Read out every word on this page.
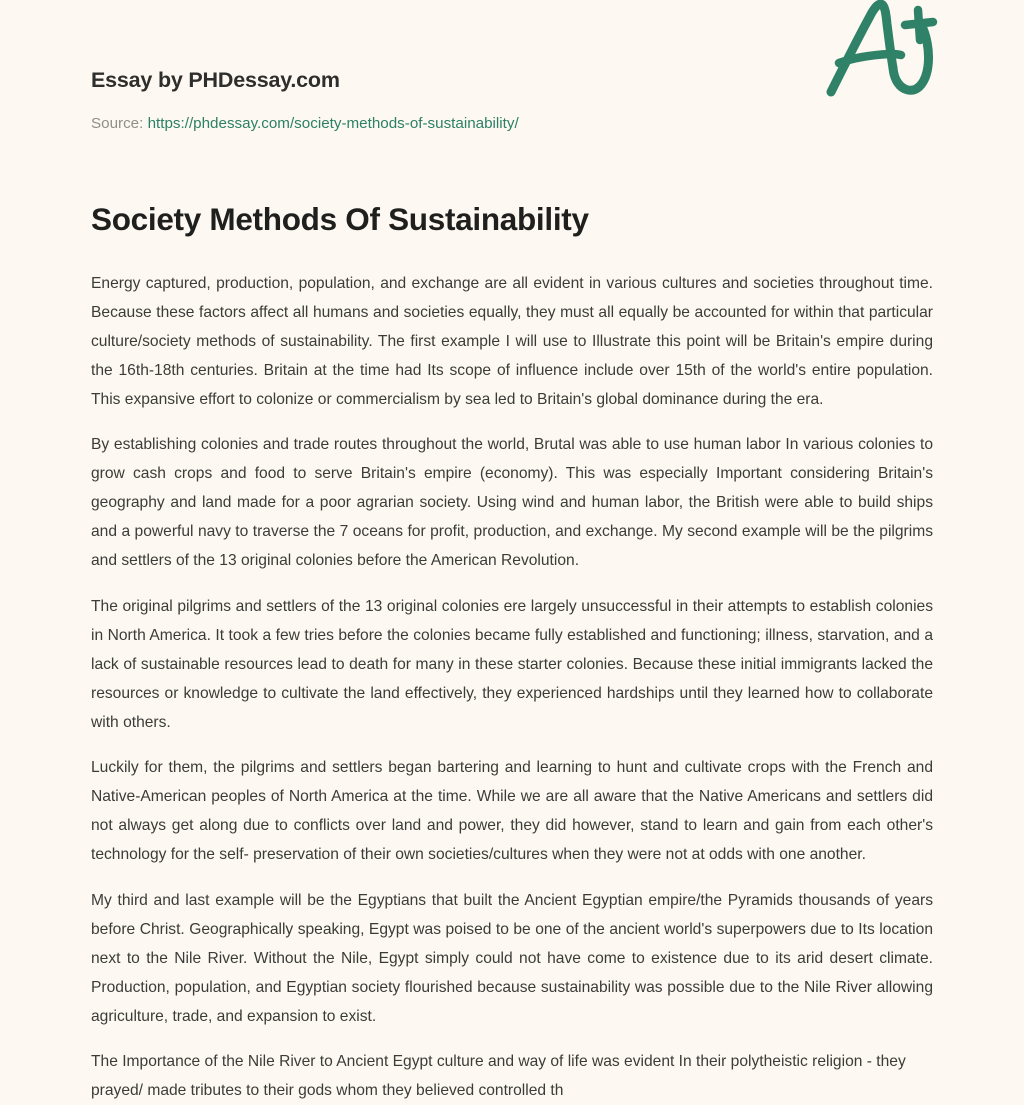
Essay by PHDessay.com
Source: https://phdessay.com/society-methods-of-sustainability/
Society Methods Of Sustainability

Energy captured, production, population, and exchange are all evident in various cultures and societies throughout time. Because these factors affect all humans and societies equally, they must all equally be accounted for within that particular culture/society methods of sustainability. The first example I will use to Illustrate this point will be Britain's empire during the 16th-18th centuries. Britain at the time had Its scope of influence include over 15th of the world's entire population. This expansive effort to colonize or commercialism by sea led to Britain's global dominance during the era.

By establishing colonies and trade routes throughout the world, Brutal was able to use human labor In various colonies to grow cash crops and food to serve Britain's empire (economy). This was especially Important considering Britain's geography and land made for a poor agrarian society. Using wind and human labor, the British were able to build ships and a powerful navy to traverse the 7 oceans for profit, production, and exchange. My second example will be the pilgrims and settlers of the 13 original colonies before the American Revolution.

The original pilgrims and settlers of the 13 original colonies ere largely unsuccessful in their attempts to establish colonies in North America. It took a few tries before the colonies became fully established and functioning; illness, starvation, and a lack of sustainable resources lead to death for many in these starter colonies. Because these initial immigrants lacked the resources or knowledge to cultivate the land effectively, they experienced hardships until they learned how to collaborate with others.

Luckily for them, the pilgrims and settlers began bartering and learning to hunt and cultivate crops with the French and Native-American peoples of North America at the time. While we are all aware that the Native Americans and settlers did not always get along due to conflicts over land and power, they did however, stand to learn and gain from each other's technology for the self- preservation of their own societies/cultures when they were not at odds with one another.

My third and last example will be the Egyptians that built the Ancient Egyptian empire/the Pyramids thousands of years before Christ. Geographically speaking, Egypt was poised to be one of the ancient world's superpowers due to Its location next to the Nile River. Without the Nile, Egypt simply could not have come to existence due to its arid desert climate. Production, population, and Egyptian society flourished because sustainability was possible due to the Nile River allowing agriculture, trade, and expansion to exist.

The Importance of the Nile River to Ancient Egypt culture and way of life was evident In their polytheistic religion - they prayed/ made tributes to their gods whom they believed controlled th
